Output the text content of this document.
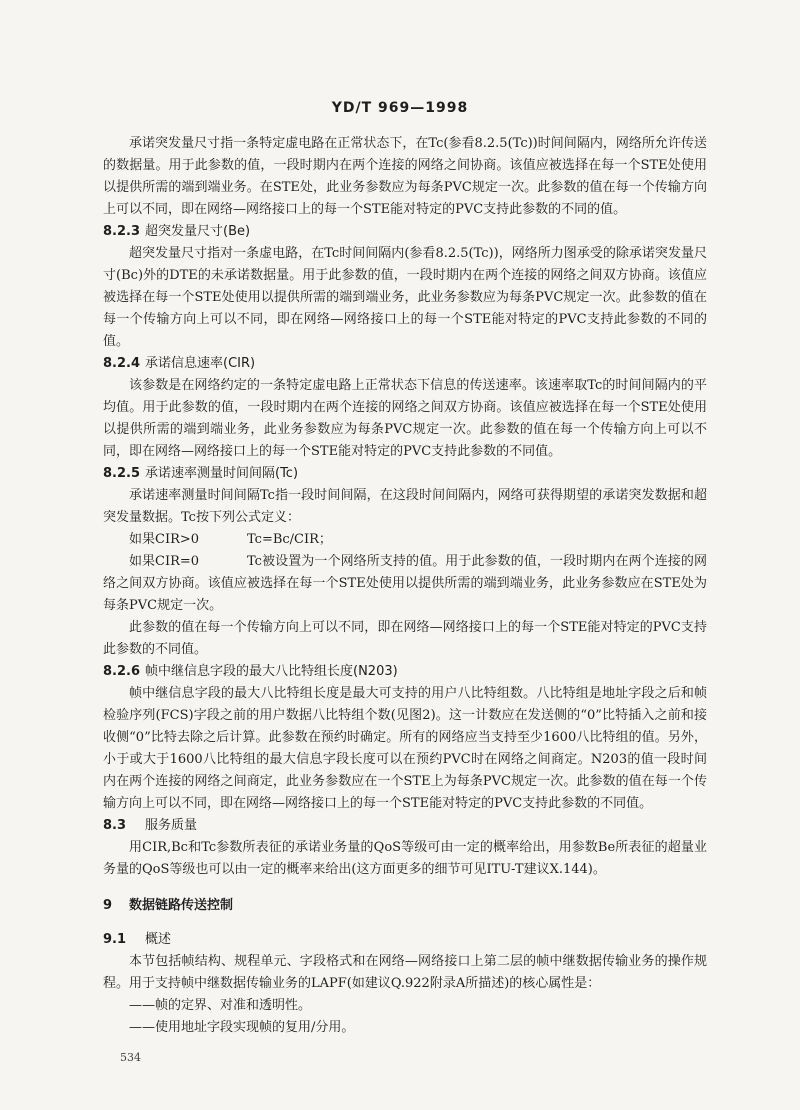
YD/T 969—1998

承诺突发量尺寸指一条特定虚电路在正常状态下，在Tc(参看8.2.5(Tc))时间间隔内，网络所允许传送的数据量。用于此参数的值，一段时期内在两个连接的网络之间协商。该值应被选择在每一个STE处使用以提供所需的端到端业务。在STE处，此业务参数应为每条PVC规定一次。此参数的值在每一个传输方向上可以不同，即在网络—网络接口上的每一个STE能对特定的PVC支持此参数的不同的值。

8.2.3 超突发量尺寸(Be)

超突发量尺寸指对一条虚电路，在Tc时间间隔内(参看8.2.5(Tc))，网络所力图承受的除承诺突发量尺寸(Bc)外的DTE的未承诺数据量。用于此参数的值，一段时期内在两个连接的网络之间双方协商。该值应被选择在每一个STE处使用以提供所需的端到端业务，此业务参数应为每条PVC规定一次。此参数的值在每一个传输方向上可以不同，即在网络—网络接口上的每一个STE能对特定的PVC支持此参数的不同的值。

8.2.4 承诺信息速率(CIR)

该参数是在网络约定的一条特定虚电路上正常状态下信息的传送速率。该速率取Tc的时间间隔内的平均值。用于此参数的值，一段时期内在两个连接的网络之间双方协商。该值应被选择在每一个STE处使用以提供所需的端到端业务，此业务参数应为每条PVC规定一次。此参数的值在每一个传输方向上可以不同，即在网络—网络接口上的每一个STE能对特定的PVC支持此参数的不同值。

8.2.5 承诺速率测量时间间隔(Tc)

承诺速率测量时间间隔Tc指一段时间间隔，在这段时间间隔内，网络可获得期望的承诺突发数据和超突发量数据。Tc按下列公式定义：

如果CIR>0	Tc=Bc/CIR；

如果CIR=0	Tc被设置为一个网络所支持的值。用于此参数的值，一段时期内在两个连接的网络之间双方协商。该值应被选择在每一个STE处使用以提供所需的端到端业务，此业务参数应在STE处为每条PVC规定一次。

此参数的值在每一个传输方向上可以不同，即在网络—网络接口上的每一个STE能对特定的PVC支持此参数的不同值。

8.2.6 帧中继信息字段的最大八比特组长度(N203)

帧中继信息字段的最大八比特组长度是最大可支持的用户八比特组数。八比特组是地址字段之后和帧检验序列(FCS)字段之前的用户数据八比特组个数(见图2)。这一计数应在发送侧的“0”比特插入之前和接收侧“0”比特去除之后计算。此参数在预约时确定。所有的网络应当支持至少1600八比特组的值。另外，小于或大于1600八比特组的最大信息字段长度可以在预约PVC时在网络之间商定。N203的值一段时间内在两个连接的网络之间商定，此业务参数应在一个STE上为每条PVC规定一次。此参数的值在每一个传输方向上可以不同，即在网络—网络接口上的每一个STE能对特定的PVC支持此参数的不同值。

8.3 服务质量

用CIR,Bc和Tc参数所表征的承诺业务量的QoS等级可由一定的概率给出，用参数Be所表征的超量业务量的QoS等级也可以由一定的概率来给出(这方面更多的细节可见ITU-T建议X.144)。

9 数据链路传送控制
9.1 概述

本节包括帧结构、规程单元、字段格式和在网络—网络接口上第二层的帧中继数据传输业务的操作规程。用于支持帧中继数据传输业务的LAPF(如建议Q.922附录A所描述)的核心属性是：

——帧的定界、对准和透明性。

——使用地址字段实现帧的复用/分用。

534
